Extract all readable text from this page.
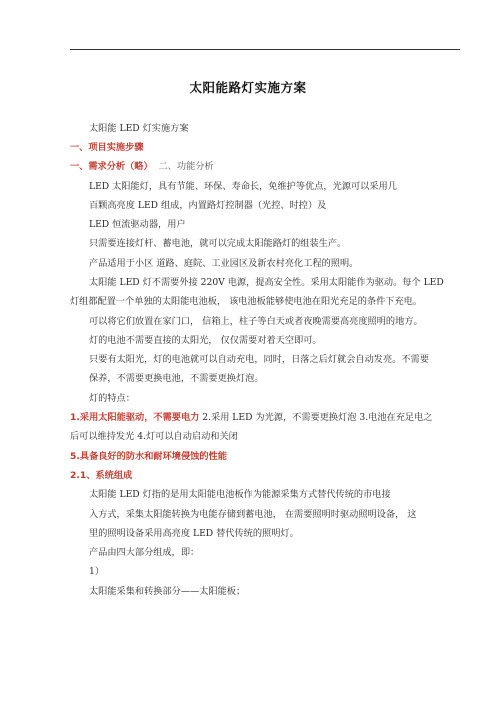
太阳能路灯实施方案
太阳能 LED 灯实施方案
一、项目实施步骤
一、需求分析（略） 二、功能分析
LED 太阳能灯，具有节能、环保、寿命长，免维护等优点，光源可以采用几
百颗高亮度 LED 组成，内置路灯控制器（光控、时控）及
LED 恒流驱动器，用户
只需要连接灯杆、蓄电池，就可以完成太阳能路灯的组装生产。
产品适用于小区 道路、庭院、工业园区及新农村亮化工程的照明。
太阳能 LED 灯不需要外接 220V 电源，提高安全性。采用太阳能作为驱动。每个 LED
灯组都配置一个单独的太阳能电池板， 该电池板能够使电池在阳光充足的条件下充电。
可以将它们放置在家门口， 信箱上，柱子等白天或者夜晚需要高亮度照明的地方。
灯的电池不需要直接的太阳光， 仅仅需要对着天空即可。
只要有太阳光，灯的电池就可以自动充电，同时，日落之后灯就会自动发亮。不需要
保养，不需要更换电池，不需要更换灯泡。
灯的特点：
1.采用太阳能驱动，不需要电力 2.采用 LED 为光源，不需要更换灯泡 3.电池在充足电之
后可以维持发光 4.灯可以自动启动和关闭
5.具备良好的防水和耐环境侵蚀的性能
2.1、系统组成
太阳能 LED 灯指的是用太阳能电池板作为能源采集方式替代传统的市电接
入方式，采集太阳能转换为电能存储到蓄电池， 在需要照明时驱动照明设备， 这
里的照明设备采用高亮度 LED 替代传统的照明灯。
产品由四大部分组成，即：
1）
太阳能采集和转换部分——太阳能板；
